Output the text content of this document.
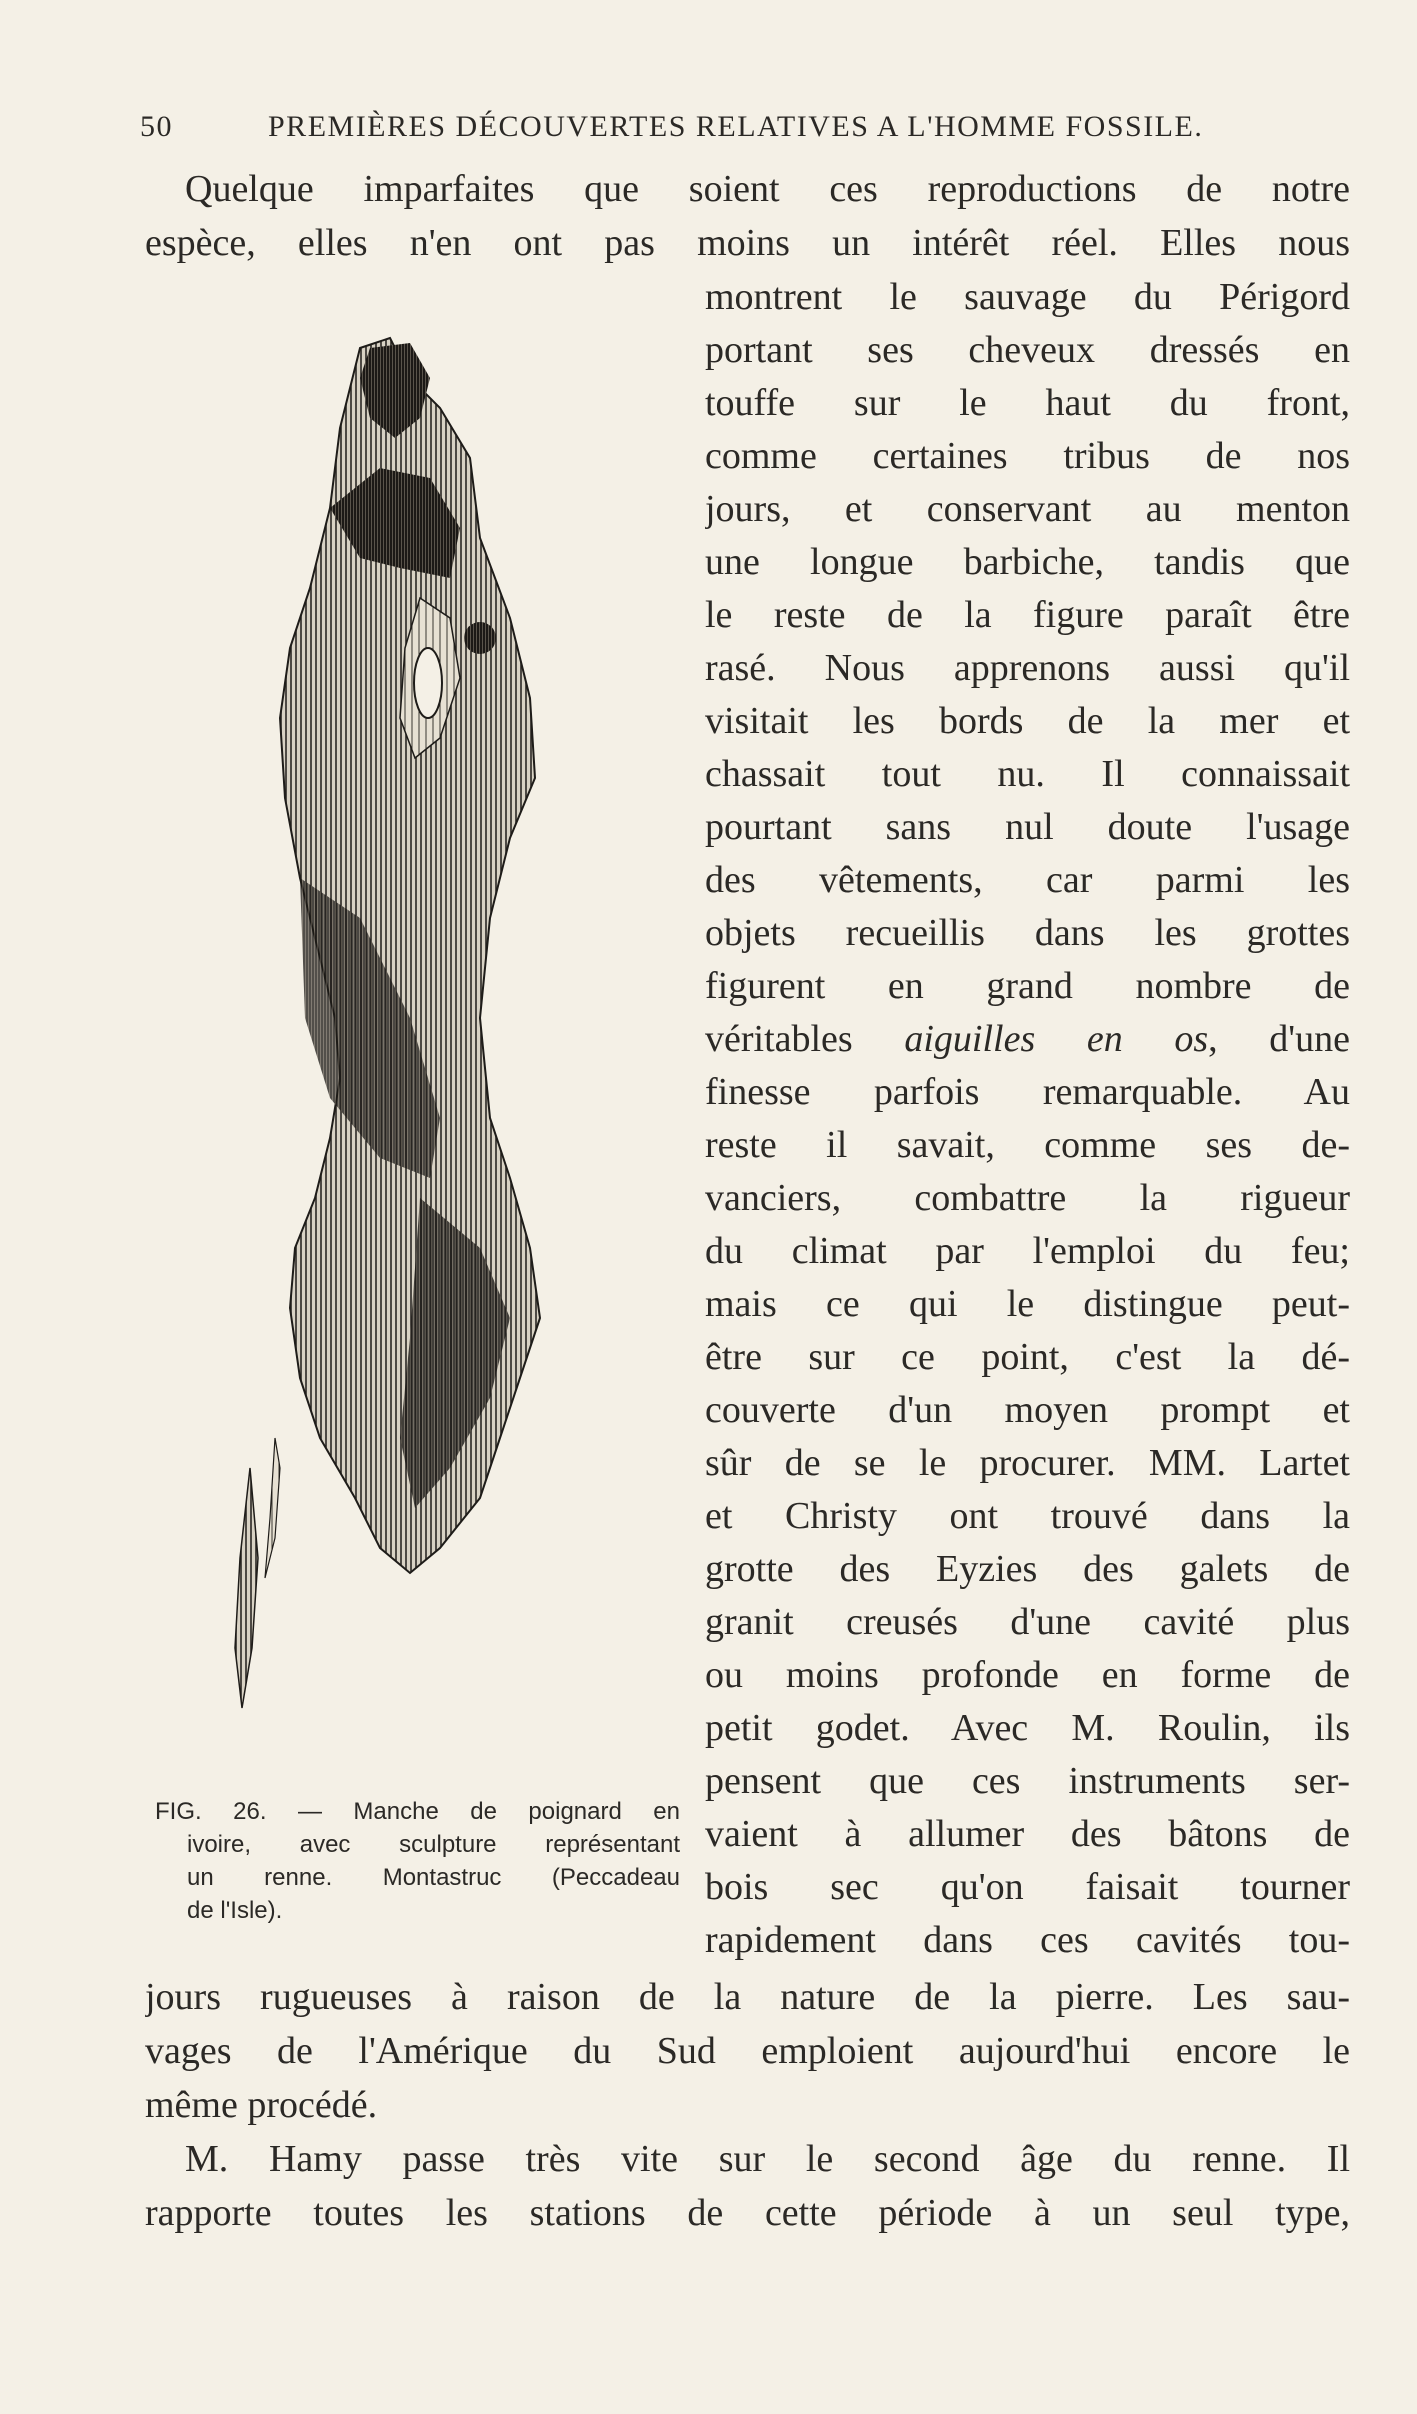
50	PREMIÈRES DÉCOUVERTES RELATIVES A L'HOMME FOSSILE.
Quelque imparfaites que soient ces reproductions de notre
espèce, elles n'en ont pas moins un intérêt réel. Elles nous
montrent le sauvage du Périgord
portant ses cheveux dressés en
touffe sur le haut du front,
comme certaines tribus de nos
jours, et conservant au menton
une longue barbiche, tandis que
le reste de la figure paraît être
rasé. Nous apprenons aussi qu'il
visitait les bords de la mer et
chassait tout nu. Il connaissait
pourtant sans nul doute l'usage
des vêtements, car parmi les
objets recueillis dans les grottes
figurent en grand nombre de
véritables aiguilles en os, d'une
finesse parfois remarquable. Au
reste il savait, comme ses de-
vanciers, combattre la rigueur
du climat par l'emploi du feu;
mais ce qui le distingue peut-
être sur ce point, c'est la dé-
couverte d'un moyen prompt et
sûr de se le procurer. MM. Lartet
et Christy ont trouvé dans la
grotte des Eyzies des galets de
granit creusés d'une cavité plus
ou moins profonde en forme de
petit godet. Avec M. Roulin, ils
pensent que ces instruments ser-
vaient à allumer des bâtons de
bois sec qu'on faisait tourner
rapidement dans ces cavités tou-
jours rugueuses à raison de la nature de la pierre. Les sau-
vages de l'Amérique du Sud emploient aujourd'hui encore le
même procédé.
M. Hamy passe très vite sur le second âge du renne. Il
rapporte toutes les stations de cette période à un seul type,
FIG. 26. — Manche de poignard en
ivoire, avec sculpture représentant
un renne. Montastruc (Peccadeau
de l'Isle).
